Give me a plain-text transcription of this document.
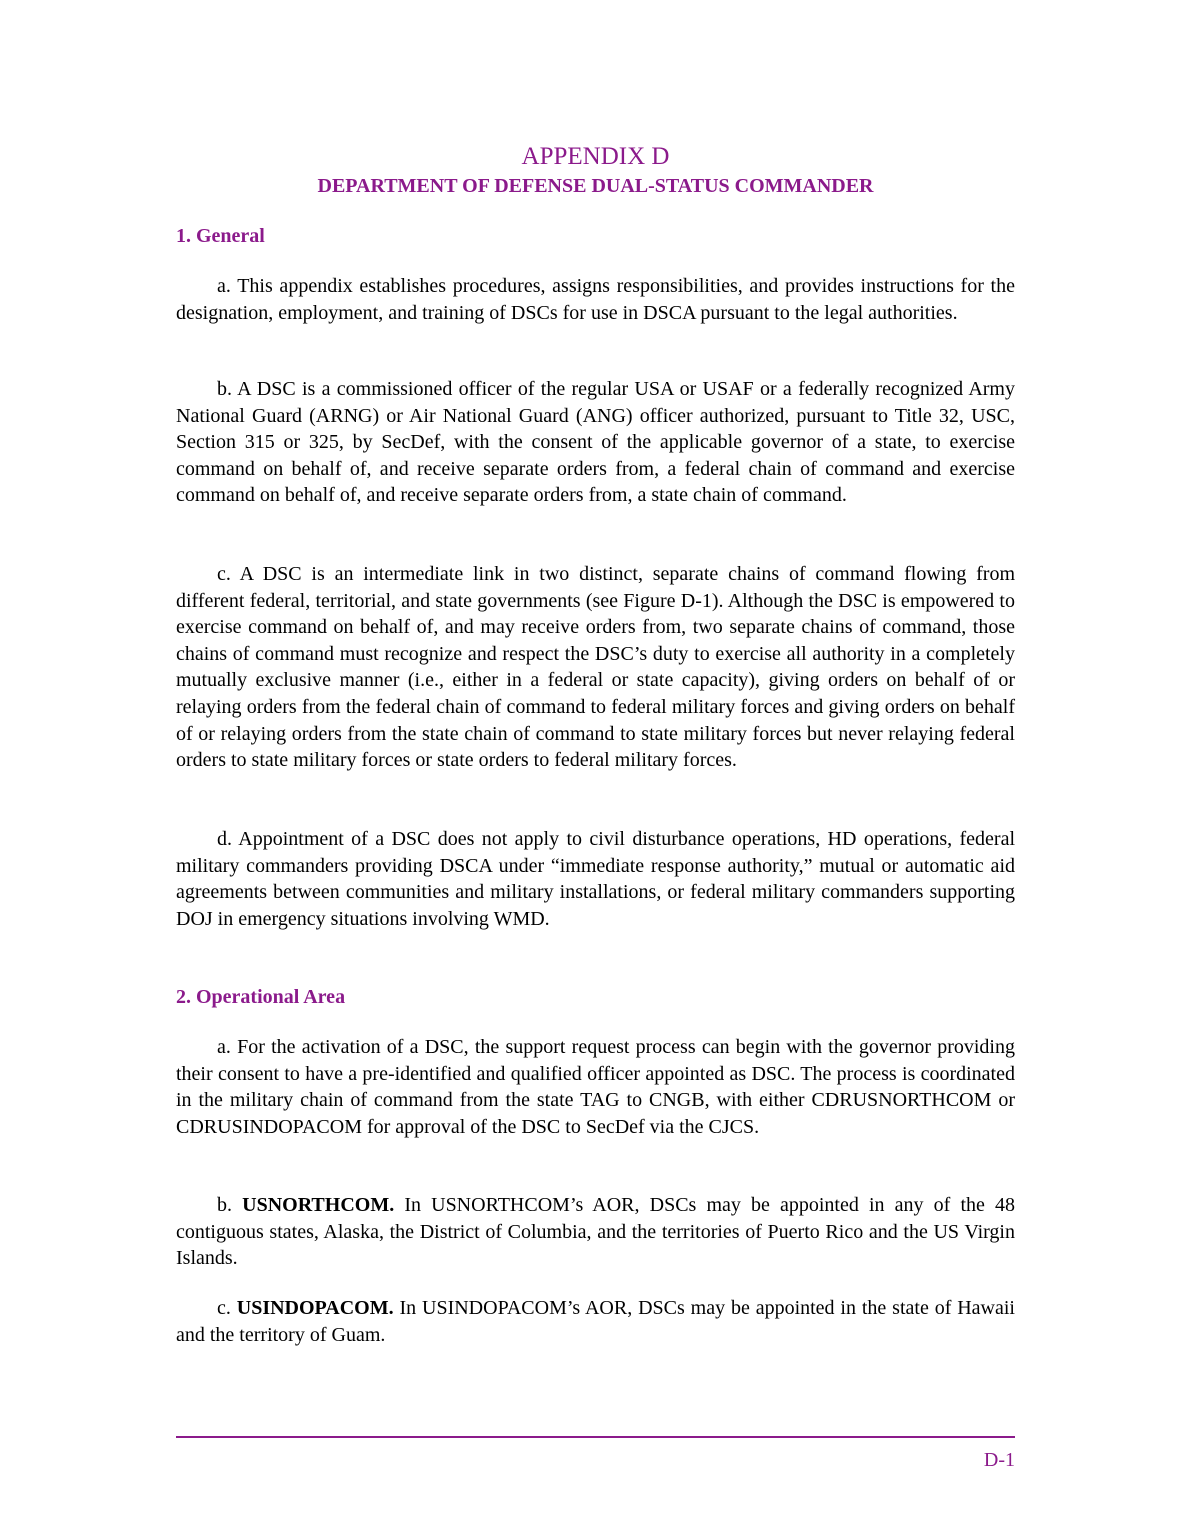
APPENDIX D
DEPARTMENT OF DEFENSE DUAL-STATUS COMMANDER
1. General

a. This appendix establishes procedures, assigns responsibilities, and provides instructions for the designation, employment, and training of DSCs for use in DSCA pursuant to the legal authorities.

b. A DSC is a commissioned officer of the regular USA or USAF or a federally recognized Army National Guard (ARNG) or Air National Guard (ANG) officer authorized, pursuant to Title 32, USC, Section 315 or 325, by SecDef, with the consent of the applicable governor of a state, to exercise command on behalf of, and receive separate orders from, a federal chain of command and exercise command on behalf of, and receive separate orders from, a state chain of command.

c. A DSC is an intermediate link in two distinct, separate chains of command flowing from different federal, territorial, and state governments (see Figure D-1). Although the DSC is empowered to exercise command on behalf of, and may receive orders from, two separate chains of command, those chains of command must recognize and respect the DSC’s duty to exercise all authority in a completely mutually exclusive manner (i.e., either in a federal or state capacity), giving orders on behalf of or relaying orders from the federal chain of command to federal military forces and giving orders on behalf of or relaying orders from the state chain of command to state military forces but never relaying federal orders to state military forces or state orders to federal military forces.

d. Appointment of a DSC does not apply to civil disturbance operations, HD operations, federal military commanders providing DSCA under “immediate response authority,” mutual or automatic aid agreements between communities and military installations, or federal military commanders supporting DOJ in emergency situations involving WMD.

2. Operational Area

a. For the activation of a DSC, the support request process can begin with the governor providing their consent to have a pre-identified and qualified officer appointed as DSC. The process is coordinated in the military chain of command from the state TAG to CNGB, with either CDRUSNORTHCOM or CDRUSINDOPACOM for approval of the DSC to SecDef via the CJCS.

b. USNORTHCOM. In USNORTHCOM’s AOR, DSCs may be appointed in any of the 48 contiguous states, Alaska, the District of Columbia, and the territories of Puerto Rico and the US Virgin Islands.

c. USINDOPACOM. In USINDOPACOM’s AOR, DSCs may be appointed in the state of Hawaii and the territory of Guam.

D-1
